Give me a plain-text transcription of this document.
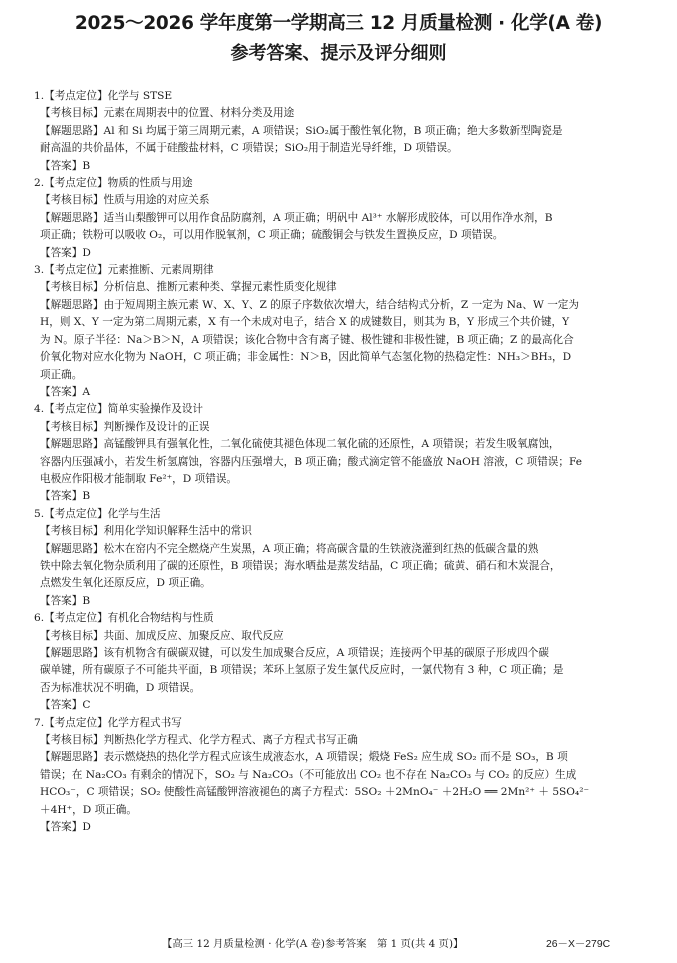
2025～2026 学年度第一学期高三 12 月质量检测 · 化学(A 卷)
参考答案、提示及评分细则
1.【考点定位】化学与 STSE
【考核目标】元素在周期表中的位置、材料分类及用途
【解题思路】Al 和 Si 均属于第三周期元素，A 项错误；SiO₂属于酸性氧化物，B 项正确；绝大多数新型陶瓷是
耐高温的共价晶体，不属于硅酸盐材料，C 项错误；SiO₂用于制造光导纤维，D 项错误。
【答案】B
2.【考点定位】物质的性质与用途
【考核目标】性质与用途的对应关系
【解题思路】适当山梨酸钾可以用作食品防腐剂，A 项正确；明矾中 Al³⁺ 水解形成胶体，可以用作净水剂，B
项正确；铁粉可以吸收 O₂，可以用作脱氧剂，C 项正确；硫酸铜会与铁发生置换反应，D 项错误。
【答案】D
3.【考点定位】元素推断、元素周期律
【考核目标】分析信息、推断元素种类、掌握元素性质变化规律
【解题思路】由于短周期主族元素 W、X、Y、Z 的原子序数依次增大，结合结构式分析，Z 一定为 Na、W 一定为
H，则 X、Y 一定为第二周期元素，X 有一个未成对电子，结合 X 的成键数目，则其为 B，Y 形成三个共价键，Y
为 N。原子半径：Na＞B＞N，A 项错误；该化合物中含有离子键、极性键和非极性键，B 项正确；Z 的最高化合
价氧化物对应水化物为 NaOH，C 项正确；非金属性：N＞B，因此简单气态氢化物的热稳定性：NH₃＞BH₃，D
项正确。
【答案】A
4.【考点定位】简单实验操作及设计
【考核目标】判断操作及设计的正误
【解题思路】高锰酸钾具有强氧化性，二氧化硫使其褪色体现二氧化硫的还原性，A 项错误；若发生吸氧腐蚀，
容器内压强减小，若发生析氢腐蚀，容器内压强增大，B 项正确；酸式滴定管不能盛放 NaOH 溶液，C 项错误；Fe
电极应作阳极才能制取 Fe²⁺，D 项错误。
【答案】B
5.【考点定位】化学与生活
【考核目标】利用化学知识解释生活中的常识
【解题思路】松木在窑内不完全燃烧产生炭黑，A 项正确；将高碳含量的生铁液浇灌到红热的低碳含量的熟
铁中除去氧化物杂质利用了碳的还原性，B 项错误；海水晒盐是蒸发结晶，C 项正确；硫黄、硝石和木炭混合，
点燃发生氧化还原反应，D 项正确。
【答案】B
6.【考点定位】有机化合物结构与性质
【考核目标】共面、加成反应、加聚反应、取代反应
【解题思路】该有机物含有碳碳双键，可以发生加成聚合反应，A 项错误；连接两个甲基的碳原子形成四个碳
碳单键，所有碳原子不可能共平面，B 项错误；苯环上氢原子发生氯代反应时，一氯代物有 3 种，C 项正确；是
否为标准状况不明确，D 项错误。
【答案】C
7.【考点定位】化学方程式书写
【考核目标】判断热化学方程式、化学方程式、离子方程式书写正确
【解题思路】表示燃烧热的热化学方程式应该生成液态水，A 项错误；煅烧 FeS₂ 应生成 SO₂ 而不是 SO₃，B 项
错误；在 Na₂CO₃ 有剩余的情况下，SO₂ 与 Na₂CO₃（不可能放出 CO₂ 也不存在 Na₂CO₃ 与 CO₂ 的反应）生成
HCO₃⁻，C 项错误；SO₂ 使酸性高锰酸钾溶液褪色的离子方程式：5SO₂ ＋2MnO₄⁻ ＋2H₂O ══ 2Mn²⁺ ＋ 5SO₄²⁻
＋4H⁺，D 项正确。
【答案】D
【高三 12 月质量检测 · 化学(A 卷)参考答案　第 1 页(共 4 页)】	26－X－279C
